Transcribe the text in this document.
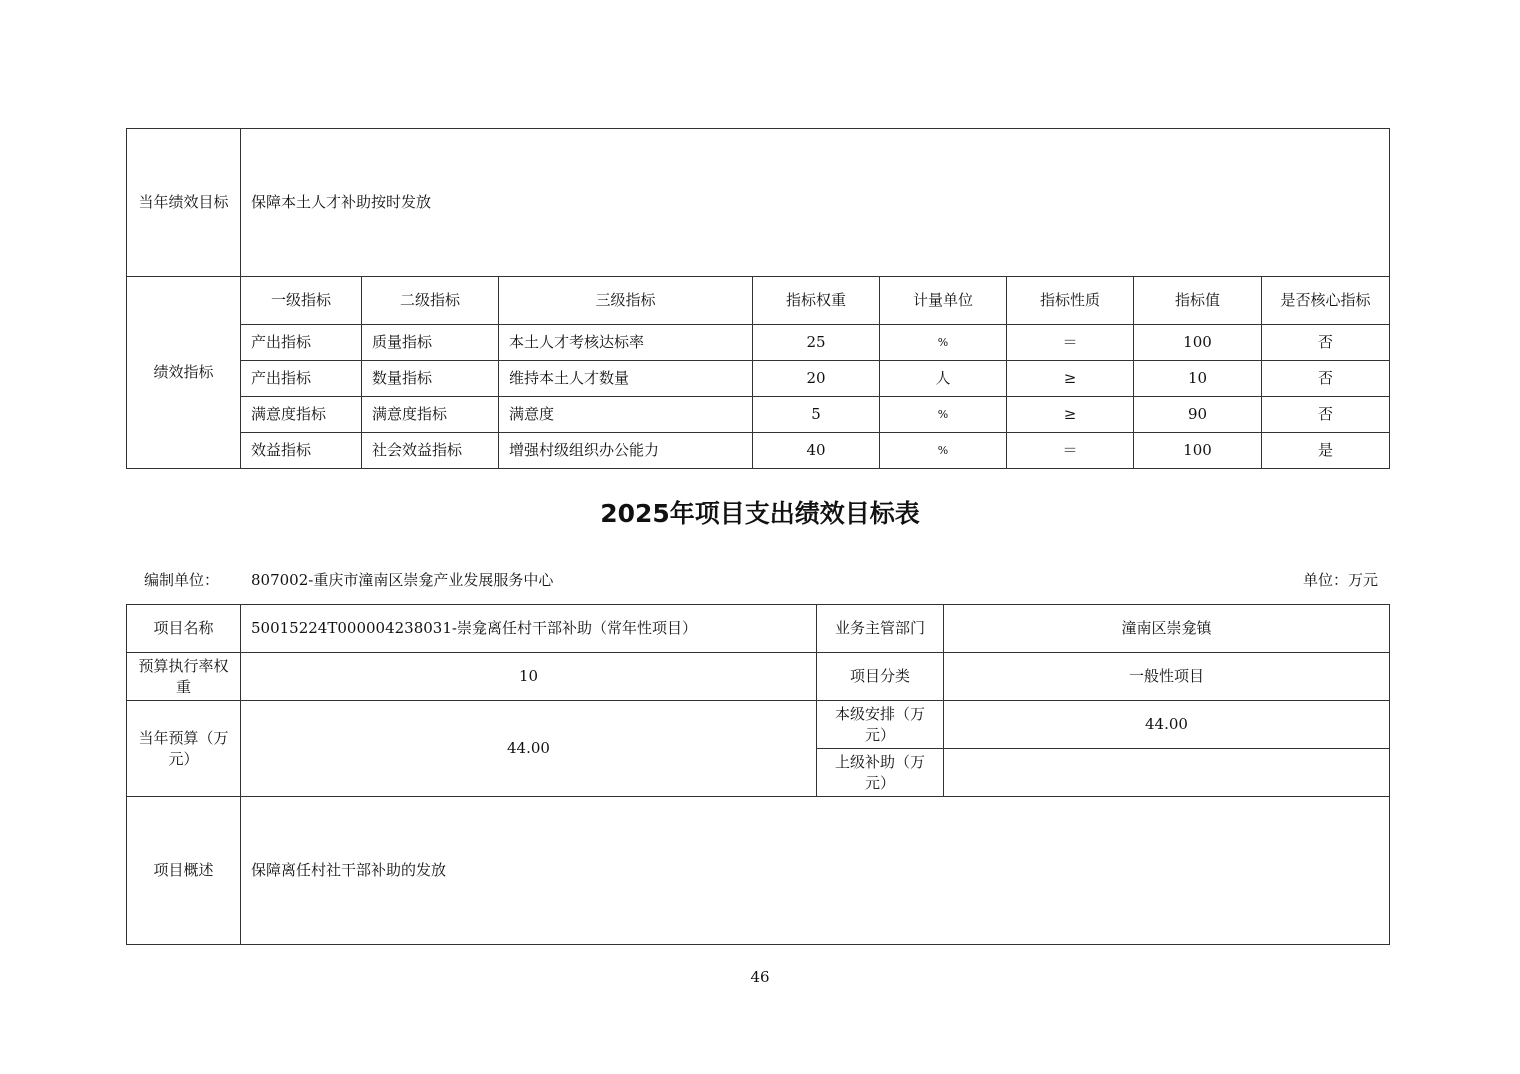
当年绩效目标	保障本土人才补助按时发放							
绩效指标	一级指标	二级指标	三级指标	指标权重	计量单位	指标性质	指标值	是否核心指标
	产出指标	质量指标	本土人才考核达标率	25	%	＝	100	否
	产出指标	数量指标	维持本土人才数量	20	人	≥	10	否
	满意度指标	满意度指标	满意度	5	%	≥	90	否
	效益指标	社会效益指标	增强村级组织办公能力	40	%	＝	100	是
2025年项目支出绩效目标表
编制单位： 807002-重庆市潼南区崇龛产业发展服务中心	单位：万元
项目名称	50015224T000004238031-崇龛离任村干部补助（常年性项目）	业务主管部门	潼南区崇龛镇
预算执行率权重	10	项目分类	一般性项目
当年预算（万元）	44.00	本级安排（万元）	44.00
		上级补助（万元）	
项目概述	保障离任村社干部补助的发放		
46
